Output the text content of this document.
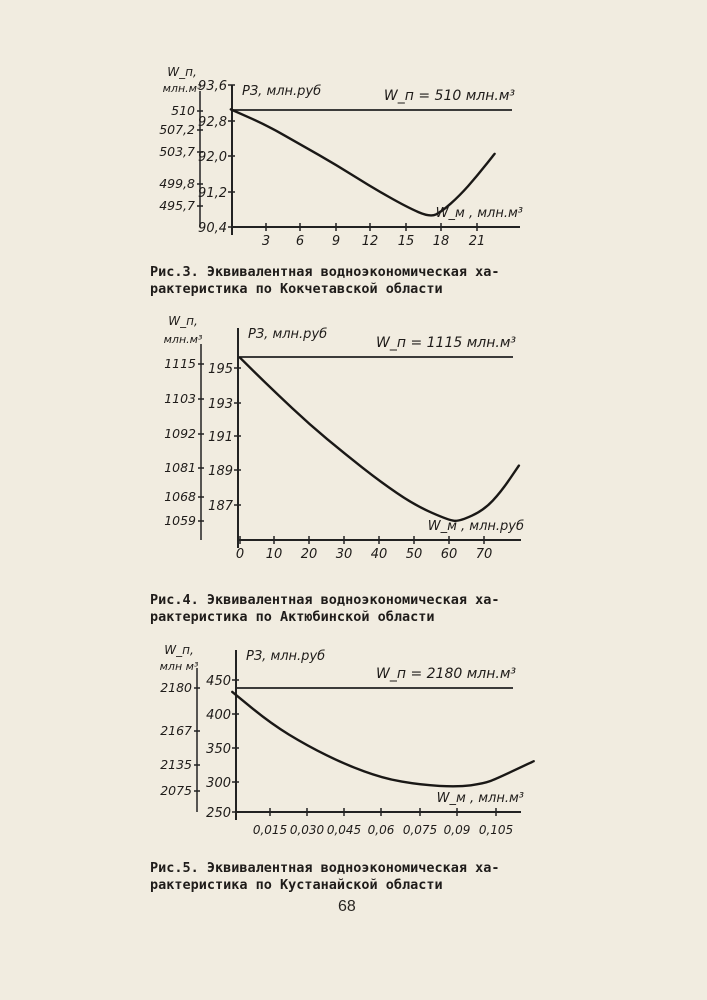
93,6
92,8
92,0
91,2
90,4
510
507,2
503,7
499,8
495,7
3 6 9 12 15 18 21
РЗ, млн.руб	W_п = 510 млн.м³
W_м , млн.м³
W_п,
млн.м³
195
193
191
189
187
1115
1103
1092
1081
1068
1059
0 10 20 30 40 50 60 70
РЗ, млн.руб
W_п = 1115 млн.м³
W_м , млн.руб
W_п,
млн.м³
450
400
350
300
250
2180
2167
2135
2075
0,015 0,030 0,045 0,06 0,075 0,09 0,105
РЗ, млн.руб
W_п = 2180 млн.м³
W_м , млн.м³
W_п,
млн м³
Рис.3. Эквивалентная водноэкономическая ха-
рактеристика по Кокчетавской области
Рис.4. Эквивалентная водноэкономическая ха-
рактеристика по Актюбинской области
Рис.5. Эквивалентная водноэкономическая ха-
рактеристика по Кустанайской области
68
